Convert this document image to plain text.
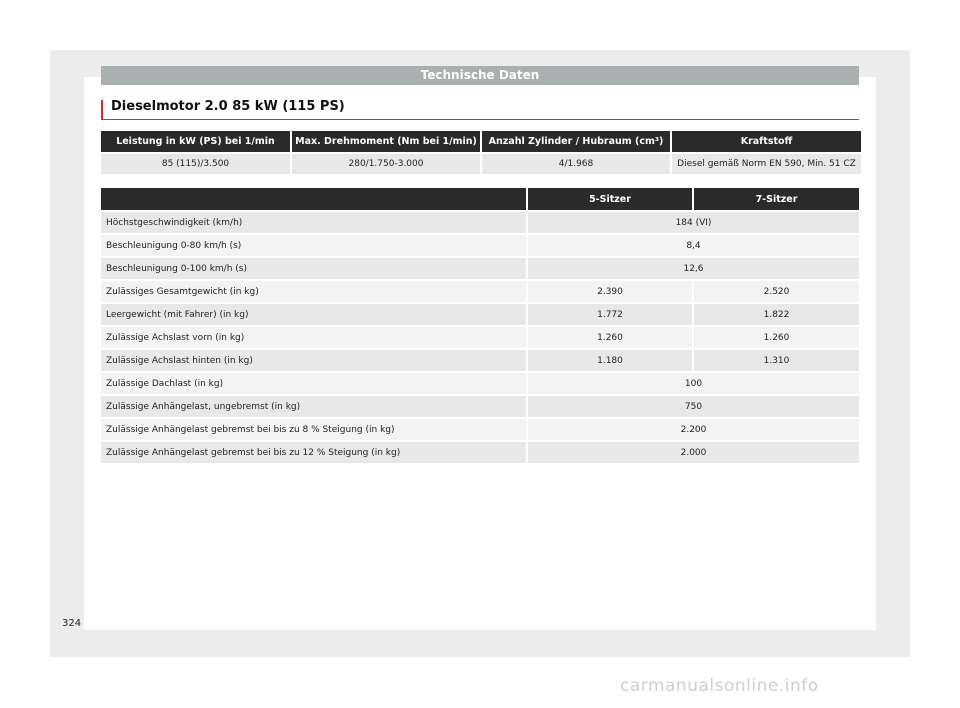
Technische Daten
Dieselmotor 2.0 85 kW (115 PS)
Leistung in kW (PS) bei 1/min	Max. Drehmoment (Nm bei 1/min)	Anzahl Zylinder / Hubraum (cm³)	Kraftstoff
85 (115)/3.500	280/1.750-3.000	4/1.968	Diesel gemäß Norm EN 590, Min. 51 CZ
	5-Sitzer	7-Sitzer
Höchstgeschwindigkeit (km/h)	184 (VI)	
Beschleunigung 0-80 km/h (s)	8,4	
Beschleunigung 0-100 km/h (s)	12,6	
Zulässiges Gesamtgewicht (in kg)	2.390	2.520
Leergewicht (mit Fahrer) (in kg)	1.772	1.822
Zulässige Achslast vorn (in kg)	1.260	1.260
Zulässige Achslast hinten (in kg)	1.180	1.310
Zulässige Dachlast (in kg)	100	
Zulässige Anhängelast, ungebremst (in kg)	750	
Zulässige Anhängelast gebremst bei bis zu 8 % Steigung (in kg)	2.200	
Zulässige Anhängelast gebremst bei bis zu 12 % Steigung (in kg)	2.000	
324
carmanualsonline.info
